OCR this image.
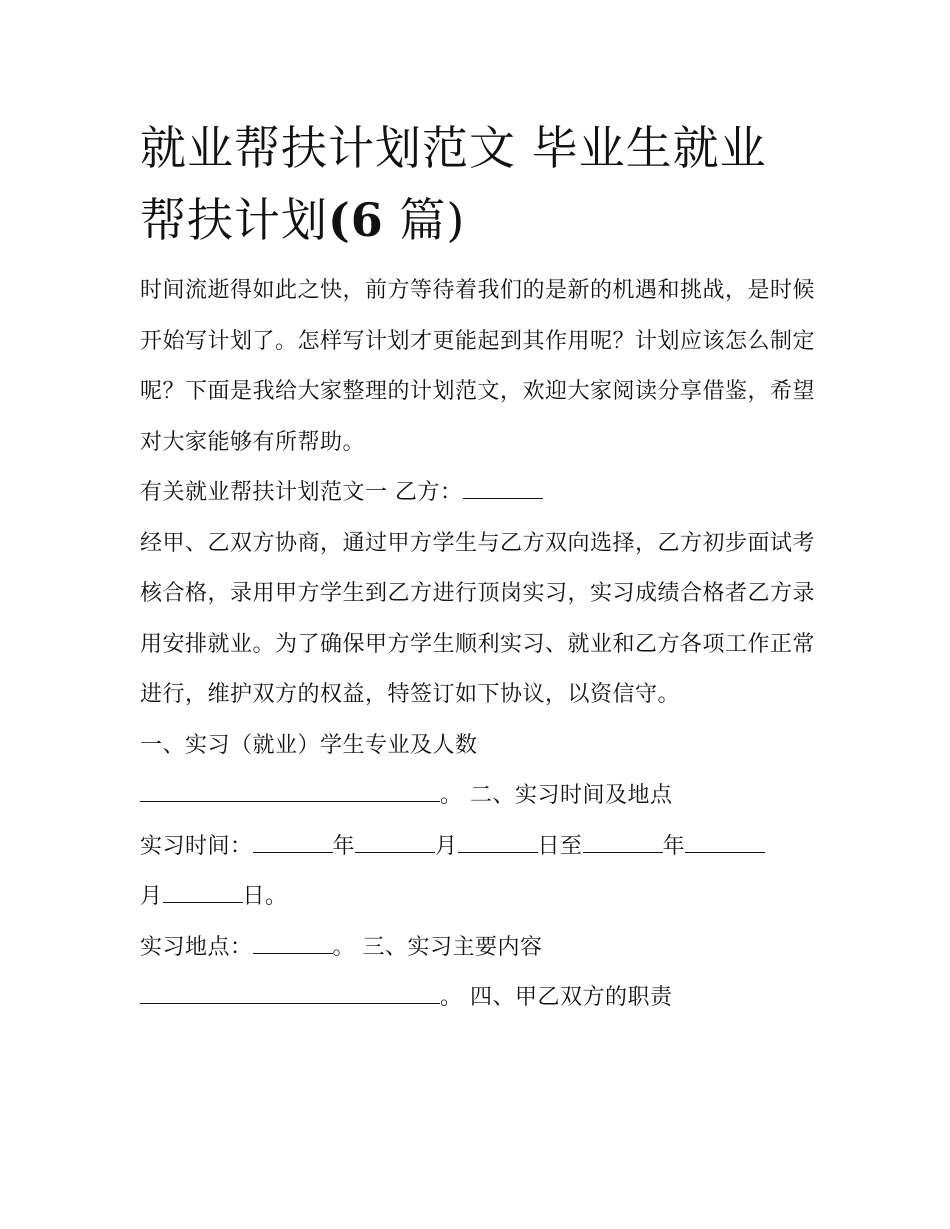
就业帮扶计划范文 毕业生就业
帮扶计划(6 篇)

时间流逝得如此之快，前方等待着我们的是新的机遇和挑战，是时候开始写计划了。怎样写计划才更能起到其作用呢？计划应该怎么制定呢？下面是我给大家整理的计划范文，欢迎大家阅读分享借鉴，希望对大家能够有所帮助。

有关就业帮扶计划范文一 乙方：

经甲、乙双方协商，通过甲方学生与乙方双向选择，乙方初步面试考核合格，录用甲方学生到乙方进行顶岗实习，实习成绩合格者乙方录用安排就业。为了确保甲方学生顺利实习、就业和乙方各项工作正常进行，维护双方的权益，特签订如下协议，以资信守。

一、实习（就业）学生专业及人数

。 二、实习时间及地点

实习时间：	年	月	日至	年
月	日。

实习地点：	。 三、实习主要内容

。 四、甲乙双方的职责
